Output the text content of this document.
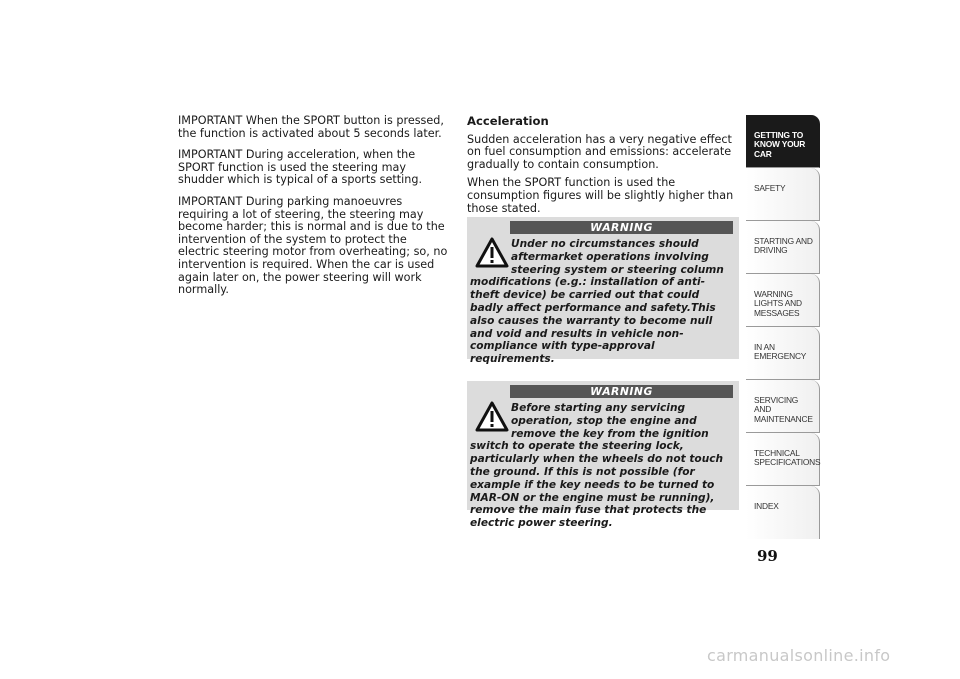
IMPORTANT When the SPORT button is pressed, the function is activated about 5 seconds later.

IMPORTANT During acceleration, when the SPORT function is used the steering may shudder which is typical of a sports setting.

IMPORTANT During parking manoeuvres requiring a lot of steering, the steering may become harder; this is normal and is due to the intervention of the system to protect the electric steering motor from overheating; so, no intervention is required. When the car is used again later on, the power steering will work normally.

Acceleration

Sudden acceleration has a very negative effect on fuel consumption and emissions: accelerate gradually to contain consumption.

When the SPORT function is used the consumption figures will be slightly higher than those stated.

WARNING
Under no circumstances should aftermarket operations involving steering system or steering column modifications (e.g.: installation of anti-theft device) be carried out that could badly affect performance and safety.This also causes the warranty to become null and void and results in vehicle non-compliance with type-approval requirements.
WARNING
Before starting any servicing operation, stop the engine and remove the key from the ignition switch to operate the steering lock, particularly when the wheels do not touch the ground. If this is not possible (for example if the key needs to be turned to MAR-ON or the engine must be running), remove the main fuse that protects the electric power steering.
GETTING TO KNOW YOUR CAR
SAFETY
STARTING AND DRIVING
WARNING LIGHTS AND MESSAGES
IN AN EMERGENCY
SERVICING AND MAINTENANCE
TECHNICAL SPECIFICATIONS
INDEX
99
carmanualsonline.info
